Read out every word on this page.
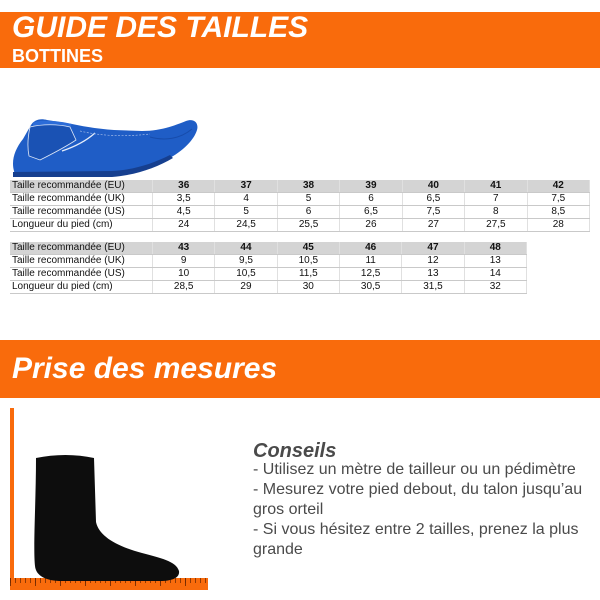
GUIDE DES TAILLES
BOTTINES
Taille recommandée (EU)	36	37	38	39	40	41	42
Taille recommandée (UK)	3,5	4	5	6	6,5	7	7,5
Taille recommandée (US)	4,5	5	6	6,5	7,5	8	8,5
Longueur du pied (cm)	24	24,5	25,5	26	27	27,5	28
Taille recommandée (EU)	43	44	45	46	47	48
Taille recommandée (UK)	9	9,5	10,5	11	12	13
Taille recommandée (US)	10	10,5	11,5	12,5	13	14
Longueur du pied (cm)	28,5	29	30	30,5	31,5	32
Prise des mesures
Conseils
- Utilisez un mètre de tailleur ou un pédimètre
- Mesurez votre pied debout, du talon jusqu’au gros orteil
- Si vous hésitez entre 2 tailles, prenez la plus grande
